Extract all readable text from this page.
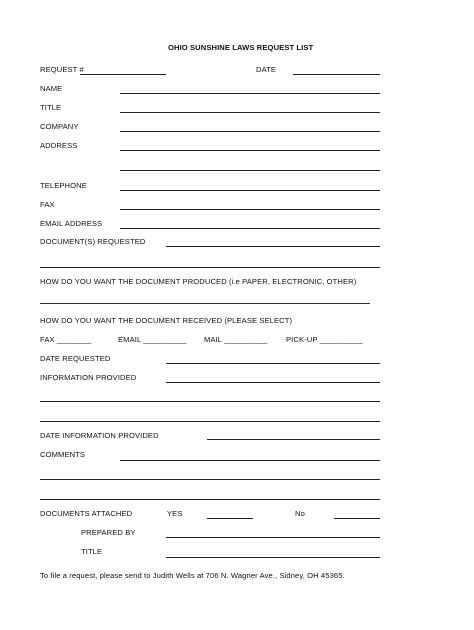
OHIO SUNSHINE LAWS REQUEST LIST
REQUEST #	DATE
NAME
TITLE
COMPANY
ADDRESS
TELEPHONE
FAX
EMAIL ADDRESS
DOCUMENT(S) REQUESTED
HOW DO YOU WANT THE DOCUMENT PRODUCED (i.e PAPER, ELECTRONIC, OTHER)
HOW DO YOU WANT THE DOCUMENT RECEIVED (PLEASE SELECT)
FAX ________	EMAIL __________ MAIL __________ PICK-UP __________
DATE REQUESTED
INFORMATION PROVIDED
DATE INFORMATION PROVIDED
COMMENTS
DOCUMENTS ATTACHED	YES	No
PREPARED BY
TITLE
To file a request, please send to Judith Wells at 706 N. Wagner Ave., Sidney, OH 45365.
